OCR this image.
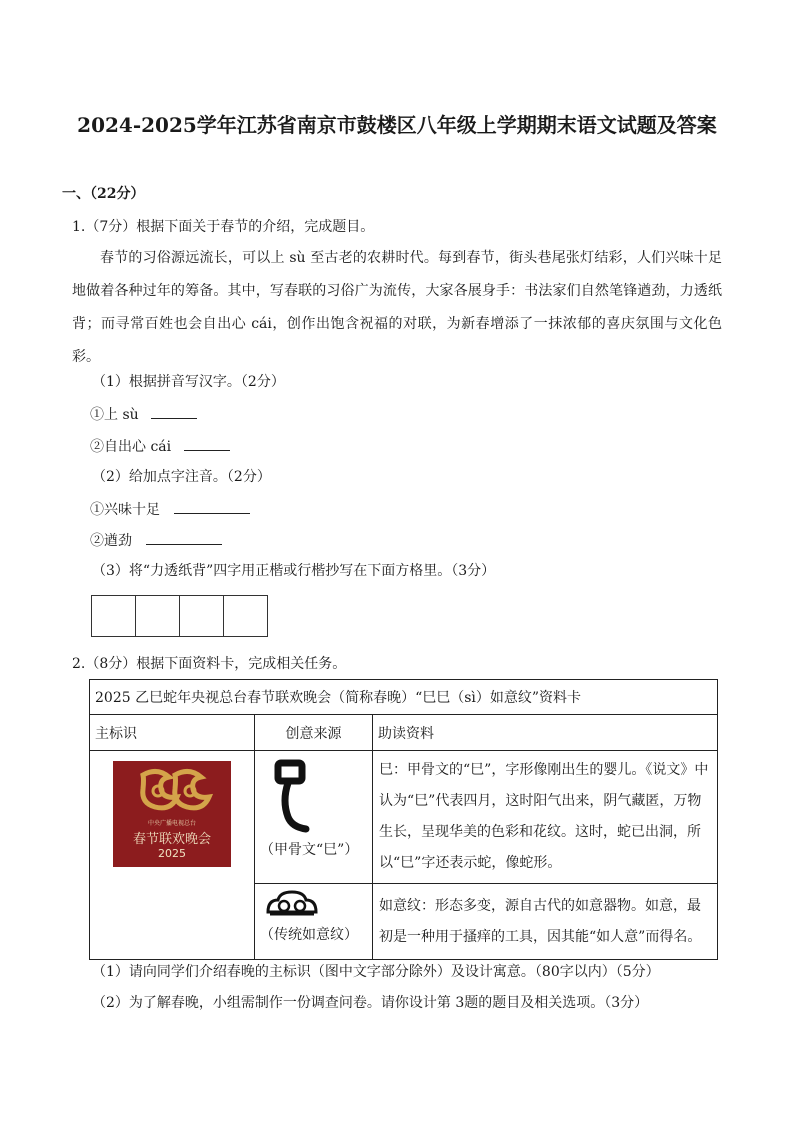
2024-2025学年江苏省南京市鼓楼区八年级上学期期末语文试题及答案
一、（22分）
1.（7分）根据下面关于春节的介绍，完成题目。
春节的习俗源远流长，可以上 sù 至古老的农耕时代。每到春节，街头巷尾张灯结彩，人们兴味十足地做着各种过年的筹备。其中，写春联的习俗广为流传，大家各展身手：书法家们自然笔锋遒劲，力透纸背；而寻常百姓也会自出心 cái，创作出饱含祝福的对联，为新春增添了一抹浓郁的喜庆氛围与文化色彩。
（1）根据拼音写汉字。（2分）
①上 sù
②自出心 cái
（2）给加点字注音。（2分）
①兴味十足
②遒劲
（3）将“力透纸背”四字用正楷或行楷抄写在下面方格里。（3分）
2.（8分）根据下面资料卡，完成相关任务。
2025 乙巳蛇年央视总台春节联欢晚会（简称春晚）“巳巳（sì）如意纹”资料卡		
主标识	创意来源	助读资料

中央广播电视总台
春节联欢晚会
2025	（甲骨文“巳”）	巳：甲骨文的“巳”，字形像刚出生的婴儿。《说文》中认为“巳”代表四月，这时阳气出来，阴气藏匿，万物生长，呈现华美的色彩和花纹。这时，蛇已出洞，所以“巳”字还表示蛇，像蛇形。

	（传统如意纹）	如意纹：形态多变，源自古代的如意器物。如意，最初是一种用于搔痒的工具，因其能“如人意”而得名。
（1）请向同学们介绍春晚的主标识（图中文字部分除外）及设计寓意。（80字以内）（5分）
（2）为了解春晚，小组需制作一份调查问卷。请你设计第 3题的题目及相关选项。（3分）
